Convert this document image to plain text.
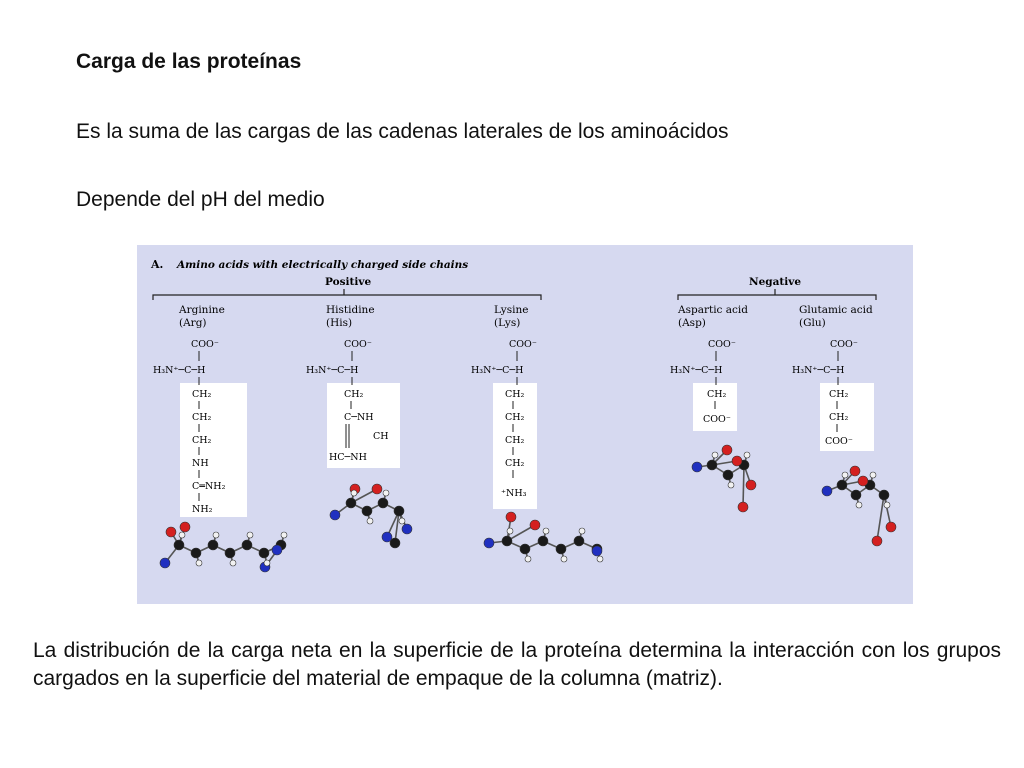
Carga de las proteínas
Es la suma de las cargas de las cadenas laterales de los aminoácidos
Depende del pH del medio
A. Amino acids with electrically charged side chains
Positive	Negative
Arginine
(Arg)
Histidine
(His)
Lysine
(Lys)
Aspartic acid
(Asp)
Glutamic acid
(Glu)
COO⁻
H₃N⁺─C─H
COO⁻
H₃N⁺─C─H
COO⁻
H₃N⁺─C─H
COO⁻
H₃N⁺─C─H
COO⁻
H₃N⁺─C─H
CH₂
CH₂
CH₂
NH
C═NH₂
NH₂
CH₂
C─NH
CH
HC─NH
CH₂
CH₂
CH₂
CH₂
⁺NH₃
CH₂
COO⁻
CH₂
CH₂
COO⁻
La distribución de la carga neta en la superficie de la proteína determina la interacción con los grupos cargados en la superficie del material de empaque de la columna (matriz).
